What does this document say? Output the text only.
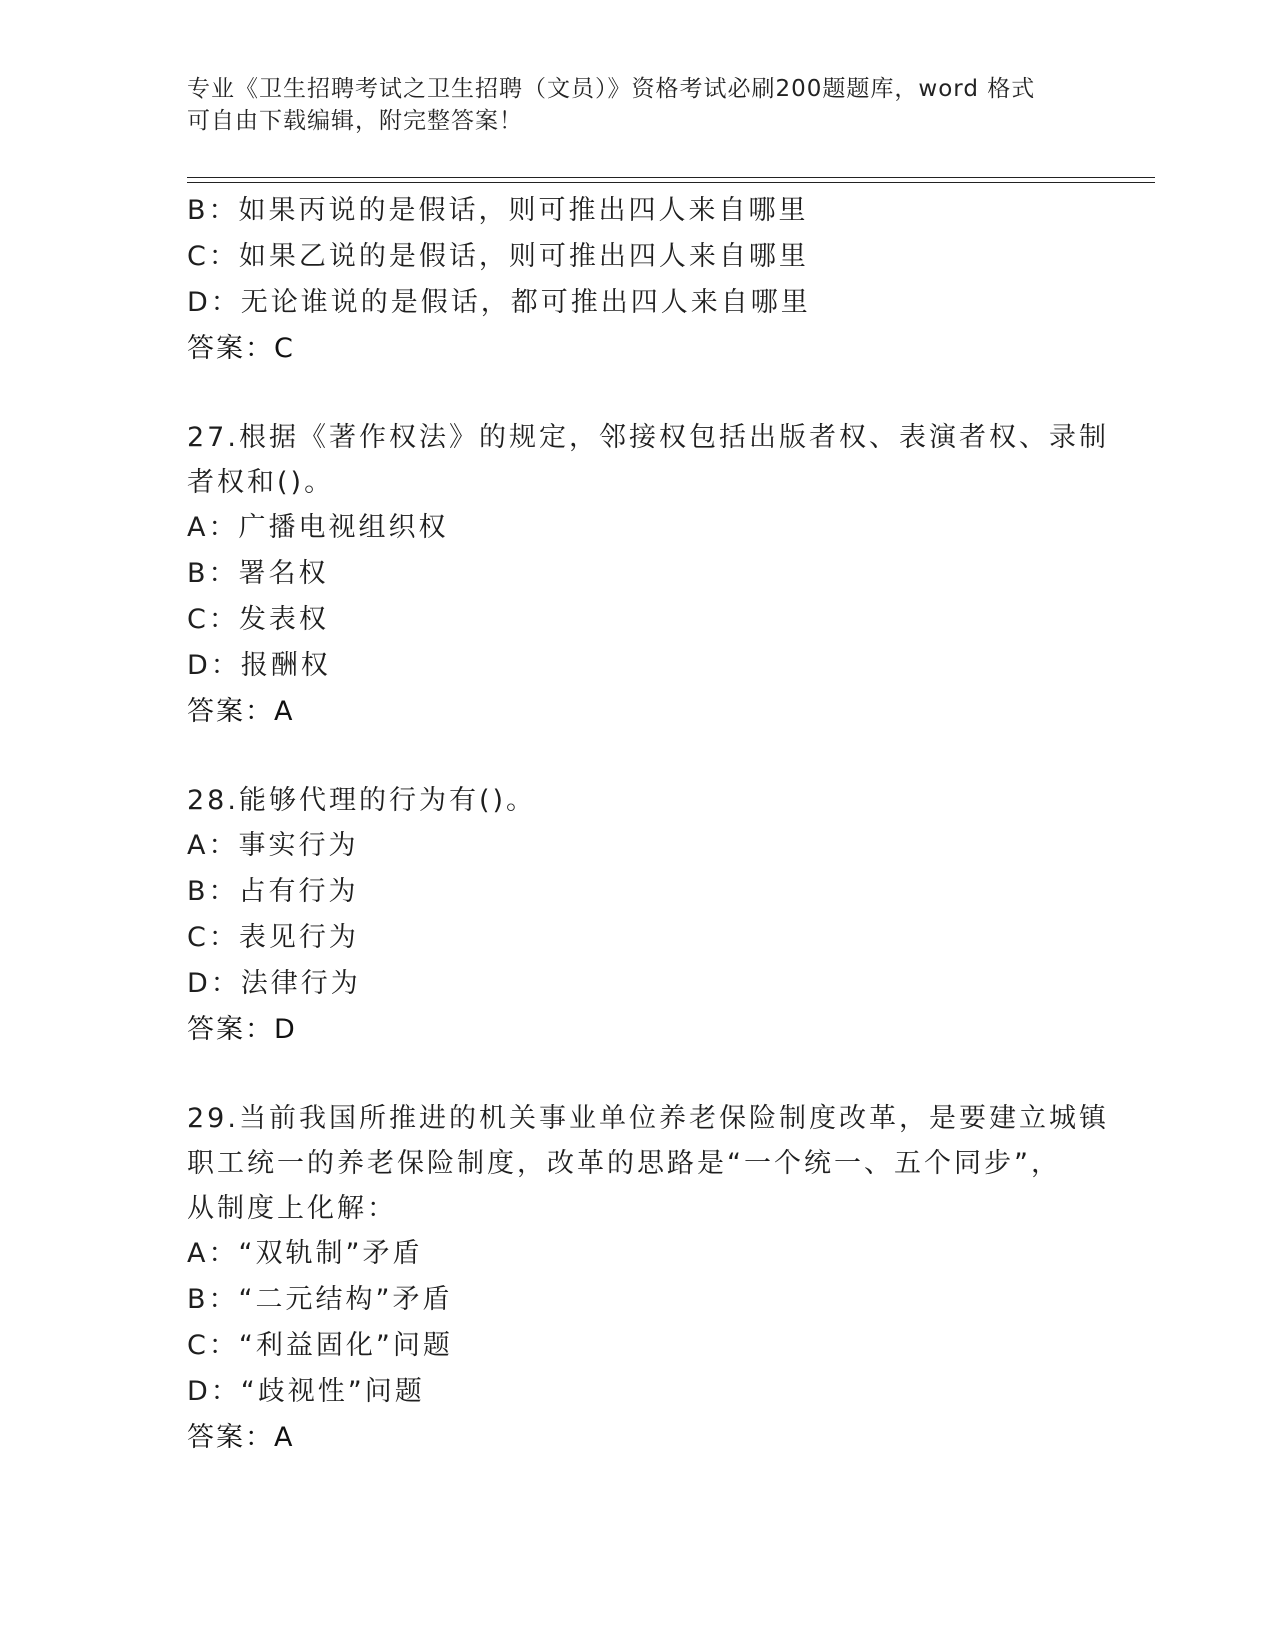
专业《卫生招聘考试之卫生招聘（文员）》资格考试必刷200题题库，word 格式
可自由下载编辑，附完整答案！
B：如果丙说的是假话，则可推出四人来自哪里
C：如果乙说的是假话，则可推出四人来自哪里
D：无论谁说的是假话，都可推出四人来自哪里
答案：C
27.根据《著作权法》的规定，邻接权包括出版者权、表演者权、录制
者权和()。
A：广播电视组织权
B：署名权
C：发表权
D：报酬权
答案：A
28.能够代理的行为有()。
A：事实行为
B：占有行为
C：表见行为
D：法律行为
答案：D
29.当前我国所推进的机关事业单位养老保险制度改革，是要建立城镇
职工统一的养老保险制度，改革的思路是“一个统一、五个同步”，
从制度上化解：
A：“双轨制”矛盾
B：“二元结构”矛盾
C：“利益固化”问题
D：“歧视性”问题
答案：A
